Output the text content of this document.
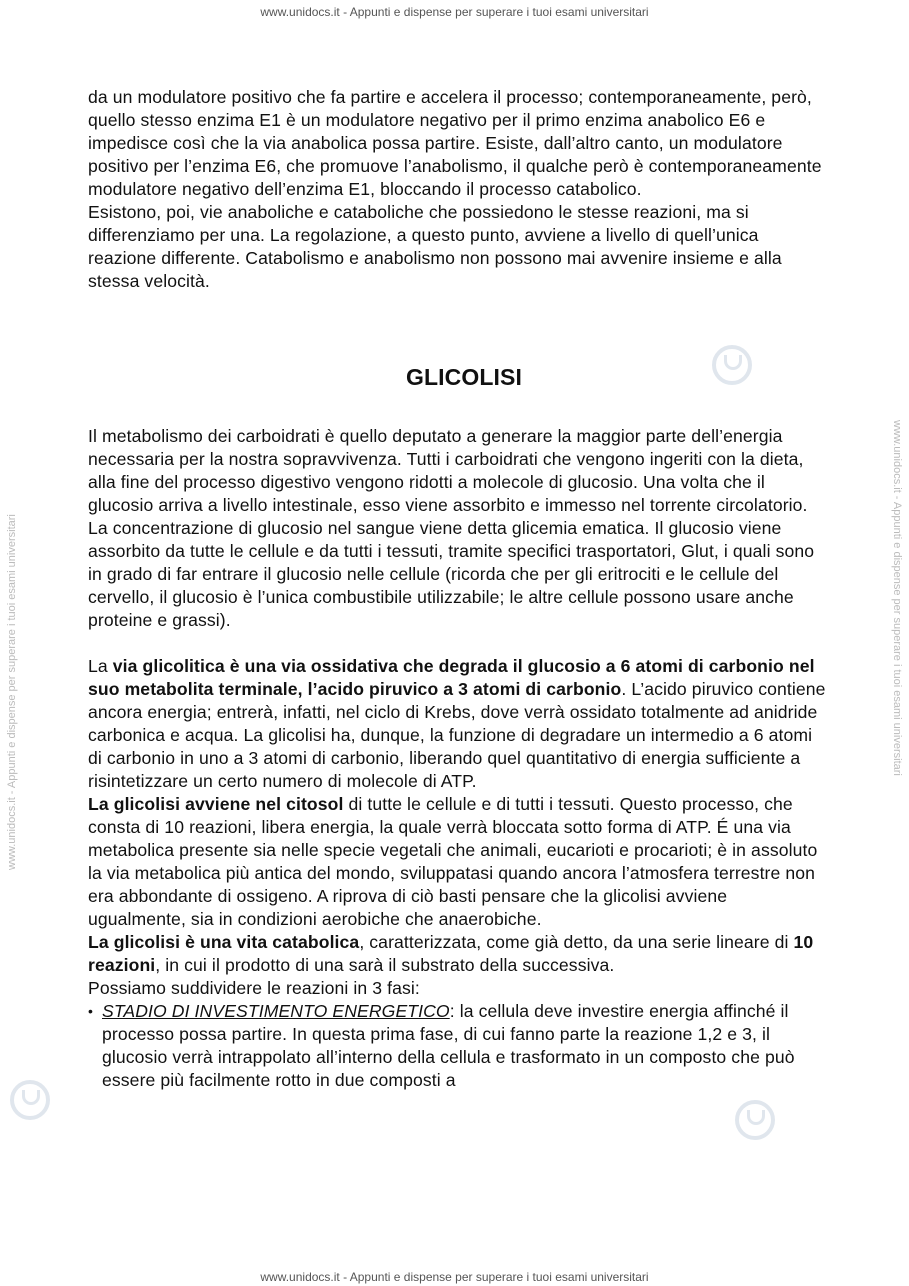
www.unidocs.it - Appunti e dispense per superare i tuoi esami universitari
www.unidocs.it - Appunti e dispense per superare i tuoi esami universitari
www.unidocs.it - Appunti e dispense per superare i tuoi esami universitari	www.unidocs.it - Appunti e dispense per superare i tuoi esami universitari

da un modulatore positivo che fa partire e accelera il processo; contemporaneamente, però, quello stesso enzima E1 è un modulatore negativo per il primo enzima anabolico E6 e impedisce così che la via anabolica possa partire. Esiste, dall’altro canto, un modulatore positivo per l’enzima E6, che promuove l’anabolismo, il qualche però è contemporaneamente modulatore negativo dell’enzima E1, bloccando il processo catabolico.

Esistono, poi, vie anaboliche e cataboliche che possiedono le stesse reazioni, ma si differenziamo per una. La regolazione, a questo punto, avviene a livello di quell’unica reazione differente. Catabolismo e anabolismo non possono mai avvenire insieme e alla stessa velocità.

GLICOLISI

Il metabolismo dei carboidrati è quello deputato a generare la maggior parte dell’energia necessaria per la nostra sopravvivenza. Tutti i carboidrati che vengono ingeriti con la dieta, alla fine del processo digestivo vengono ridotti a molecole di glucosio. Una volta che il glucosio arriva a livello intestinale, esso viene assorbito e immesso nel torrente circolatorio. La concentrazione di glucosio nel sangue viene detta glicemia ematica. Il glucosio viene assorbito da tutte le cellule e da tutti i tessuti, tramite specifici trasportatori, Glut, i quali sono in grado di far entrare il glucosio nelle cellule (ricorda che per gli eritrociti e le cellule del cervello, il glucosio è l’unica combustibile utilizzabile; le altre cellule possono usare anche proteine e grassi).

La via glicolitica è una via ossidativa che degrada il glucosio a 6 atomi di carbonio nel suo metabolita terminale, l’acido piruvico a 3 atomi di carbonio. L’acido piruvico contiene ancora energia; entrerà, infatti, nel ciclo di Krebs, dove verrà ossidato totalmente ad anidride carbonica e acqua. La glicolisi ha, dunque, la funzione di degradare un intermedio a 6 atomi di carbonio in uno a 3 atomi di carbonio, liberando quel quantitativo di energia sufficiente a risintetizzare un certo numero di molecole di ATP.

La glicolisi avviene nel citosol di tutte le cellule e di tutti i tessuti. Questo processo, che consta di 10 reazioni, libera energia, la quale verrà bloccata sotto forma di ATP. É una via metabolica presente sia nelle specie vegetali che animali, eucarioti e procarioti; è in assoluto la via metabolica più antica del mondo, sviluppatasi quando ancora l’atmosfera terrestre non era abbondante di ossigeno. A riprova di ciò basti pensare che la glicolisi avviene ugualmente, sia in condizioni aerobiche che anaerobiche.

La glicolisi è una vita catabolica, caratterizzata, come già detto, da una serie lineare di 10 reazioni, in cui il prodotto di una sarà il substrato della successiva.

Possiamo suddividere le reazioni in 3 fasi:

• STADIO DI INVESTIMENTO ENERGETICO: la cellula deve investire energia affinché il processo possa partire. In questa prima fase, di cui fanno parte la reazione 1,2 e 3, il glucosio verrà intrappolato all’interno della cellula e trasformato in un composto che può essere più facilmente rotto in due composti a
